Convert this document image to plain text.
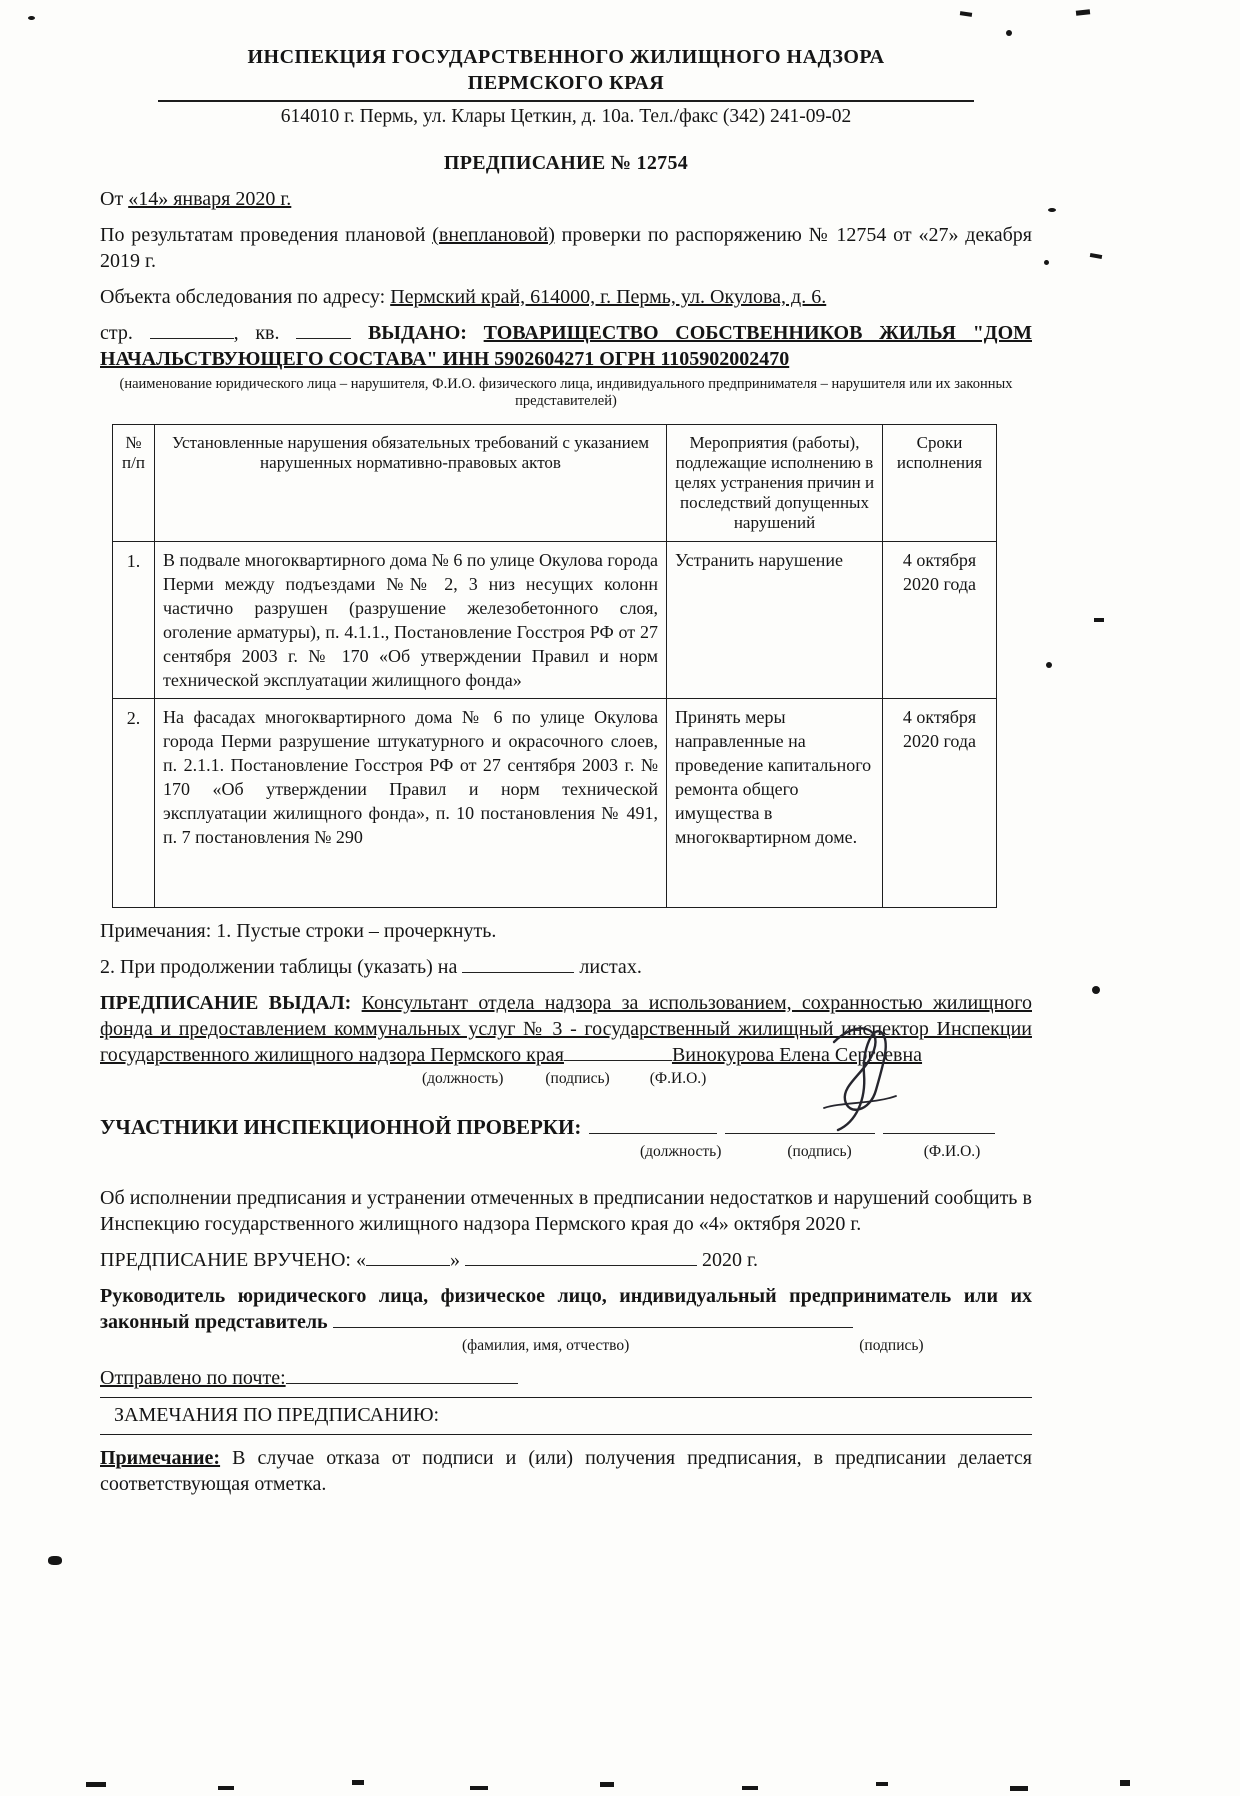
ИНСПЕКЦИЯ ГОСУДАРСТВЕННОГО ЖИЛИЩНОГО НАДЗОРА
ПЕРМСКОГО КРАЯ
614010 г. Пермь, ул. Клары Цеткин, д. 10а. Тел./факс (342) 241-09-02
ПРЕДПИСАНИЕ № 12754

От «14» января 2020 г.

По результатам проведения плановой (внеплановой) проверки по распоряжению № 12754 от «27» декабря 2019 г.

Объекта обследования по адресу: Пермский край, 614000, г. Пермь, ул. Окулова, д. 6.

стр.	, кв.	ВЫДАНО: ТОВАРИЩЕСТВО СОБСТВЕННИКОВ ЖИЛЬЯ "ДОМ НАЧАЛЬСТВУЮЩЕГО СОСТАВА" ИНН 5902604271 ОГРН 1105902002470

(наименование юридического лица – нарушителя, Ф.И.О. физического лица, индивидуального предпринимателя – нарушителя или их законных представителей)
№ п/п	Установленные нарушения обязательных требований с указанием нарушенных нормативно-правовых актов	Мероприятия (работы), подлежащие исполнению в целях устранения причин и последствий допущенных нарушений	Сроки исполнения
1.	В подвале многоквартирного дома № 6 по улице Окулова города Перми между подъездами №№ 2, 3 низ несущих колонн частично разрушен (разрушение железобетонного слоя, оголение арматуры), п. 4.1.1., Постановление Госстроя РФ от 27 сентября 2003 г. № 170 «Об утверждении Правил и норм технической эксплуатации жилищного фонда»	Устранить нарушение	4 октября 2020 года
2.	На фасадах многоквартирного дома № 6 по улице Окулова города Перми разрушение штукатурного и окрасочного слоев, п. 2.1.1. Постановление Госстроя РФ от 27 сентября 2003 г. № 170 «Об утверждении Правил и норм технической эксплуатации жилищного фонда», п. 10 постановления № 491, п. 7 постановления № 290	Принять меры направленные на проведение капитального ремонта общего имущества в многоквартирном доме.	4 октября 2020 года

Примечания: 1. Пустые строки – прочеркнуть.

2. При продолжении таблицы (указать) на	листах.

ПРЕДПИСАНИЕ ВЫДАЛ: Консультант отдела надзора за использованием, сохранностью жилищного фонда и предоставлением коммунальных услуг № 3 - государственный жилищный инспектор Инспекции государственного жилищного надзора Пермского края	Винокурова Елена Сергеевна
(должность)	(подпись)	(Ф.И.О.)
УЧАСТНИКИ ИНСПЕКЦИОННОЙ ПРОВЕРКИ:
(должность)	(подпись)	(Ф.И.О.)

Об исполнении предписания и устранении отмеченных в предписании недостатков и нарушений сообщить в Инспекцию государственного жилищного надзора Пермского края до «4» октября 2020 г.

ПРЕДПИСАНИЕ ВРУЧЕНО: «	»	2020 г.

Руководитель юридического лица, физическое лицо, индивидуальный предприниматель или их законный представитель

(фамилия, имя, отчество)	(подпись)

Отправлено по почте:

ЗАМЕЧАНИЯ ПО ПРЕДПИСАНИЮ:

Примечание: В случае отказа от подписи и (или) получения предписания, в предписании делается соответствующая отметка.
